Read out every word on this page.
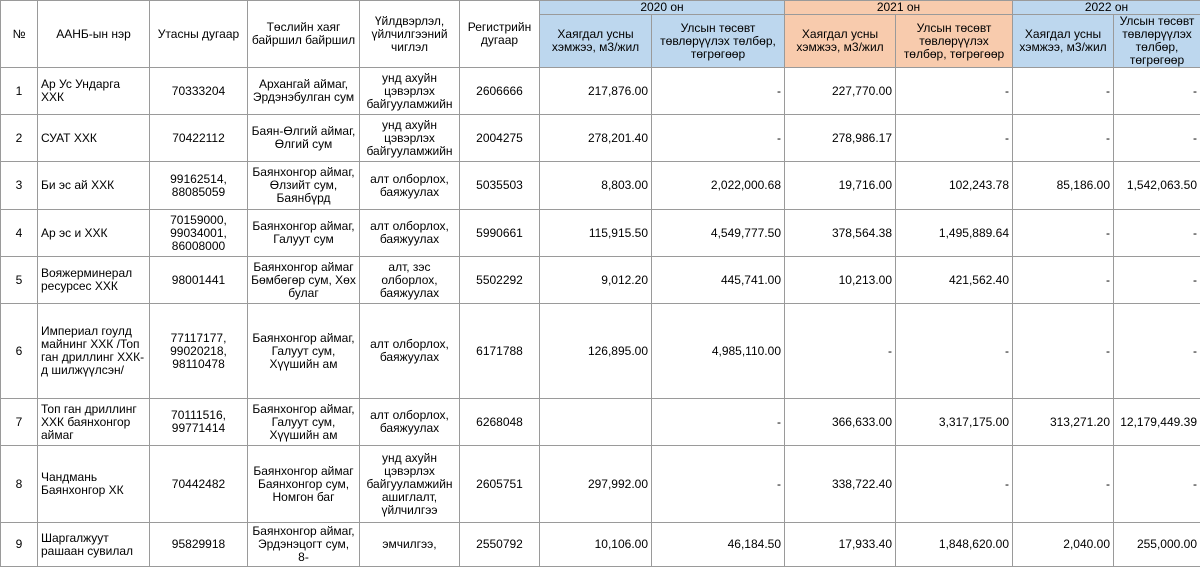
№	ААНБ-ын нэр	Утасны дугаар	Төслийн хаяг байршил байршил	Үйлдвэрлэл, үйлчилгээний чиглэл	Регистрийн дугаар	2020 он		2021 он		2022 он	
						Хаягдал усны хэмжээ, м3/жил	Улсын төсөвт төвлөрүүлэх төлбөр, төгрөгөөр	Хаягдал усны хэмжээ, м3/жил	Улсын төсөвт төвлөрүүлэх төлбөр, төгрөгөөр	Хаягдал усны хэмжээ, м3/жил	Улсын төсөвт төвлөрүүлэх төлбөр, төгрөгөөр
1	Ар Ус Ундарга ХХК	70333204	Архангай аймаг, Эрдэнэбулган сум	унд ахуйн цэвэрлэх байгууламжийн	2606666	217,876.00	-	227,770.00	-	-	-
2	СУАТ ХХК	70422112	Баян-Өлгий аймаг, Өлгий сум	унд ахуйн цэвэрлэх байгууламжийн	2004275	278,201.40	-	278,986.17	-	-	-
3	Би эс ай ХХК	99162514, 88085059	Баянхонгор аймаг, Өлзийт сум, Баянбүрд	алт олборлох, баяжуулах	5035503	8,803.00	2,022,000.68	19,716.00	102,243.78	85,186.00	1,542,063.50
4	Ар эс и ХХК	70159000, 99034001, 86008000	Баянхонгор аймаг, Галуут сум	алт олборлох, баяжуулах	5990661	115,915.50	4,549,777.50	378,564.38	1,495,889.64	-	-
5	Вояжерминерал ресурсес ХХК	98001441	Баянхонгор аймаг Бөмбөгөр сум, Хөх булаг	алт, зэс олборлох, баяжуулах	5502292	9,012.20	445,741.00	10,213.00	421,562.40	-	-
6	Империал гоулд майнинг ХХК /Топ ган дриллинг ХХК-д шилжүүлсэн/	77117177, 99020218, 98110478	Баянхонгор аймаг, Галуут сум, Хүүшийн ам	алт олборлох, баяжуулах	6171788	126,895.00	4,985,110.00	-	-	-	-
7	Топ ган дриллинг ХХК баянхонгор аймаг	70111516, 99771414	Баянхонгор аймаг, Галуут сум, Хүүшийн ам	алт олборлох, баяжуулах	6268048		-	366,633.00	3,317,175.00	313,271.20	12,179,449.39
8	Чандмань Баянхонгор ХК	70442482	Баянхонгор аймаг Баянхонгор сум, Номгон баг	унд ахуйн цэвэрлэх байгууламжийн ашиглалт, үйлчилгээ	2605751	297,992.00	-	338,722.40	-	-	-
9	Шаргалжуут рашаан сувилал	95829918	Баянхонгор аймаг, Эрдэнэцогт сум, 8-	эмчилгээ,	2550792	10,106.00	46,184.50	17,933.40	1,848,620.00	2,040.00	255,000.00
